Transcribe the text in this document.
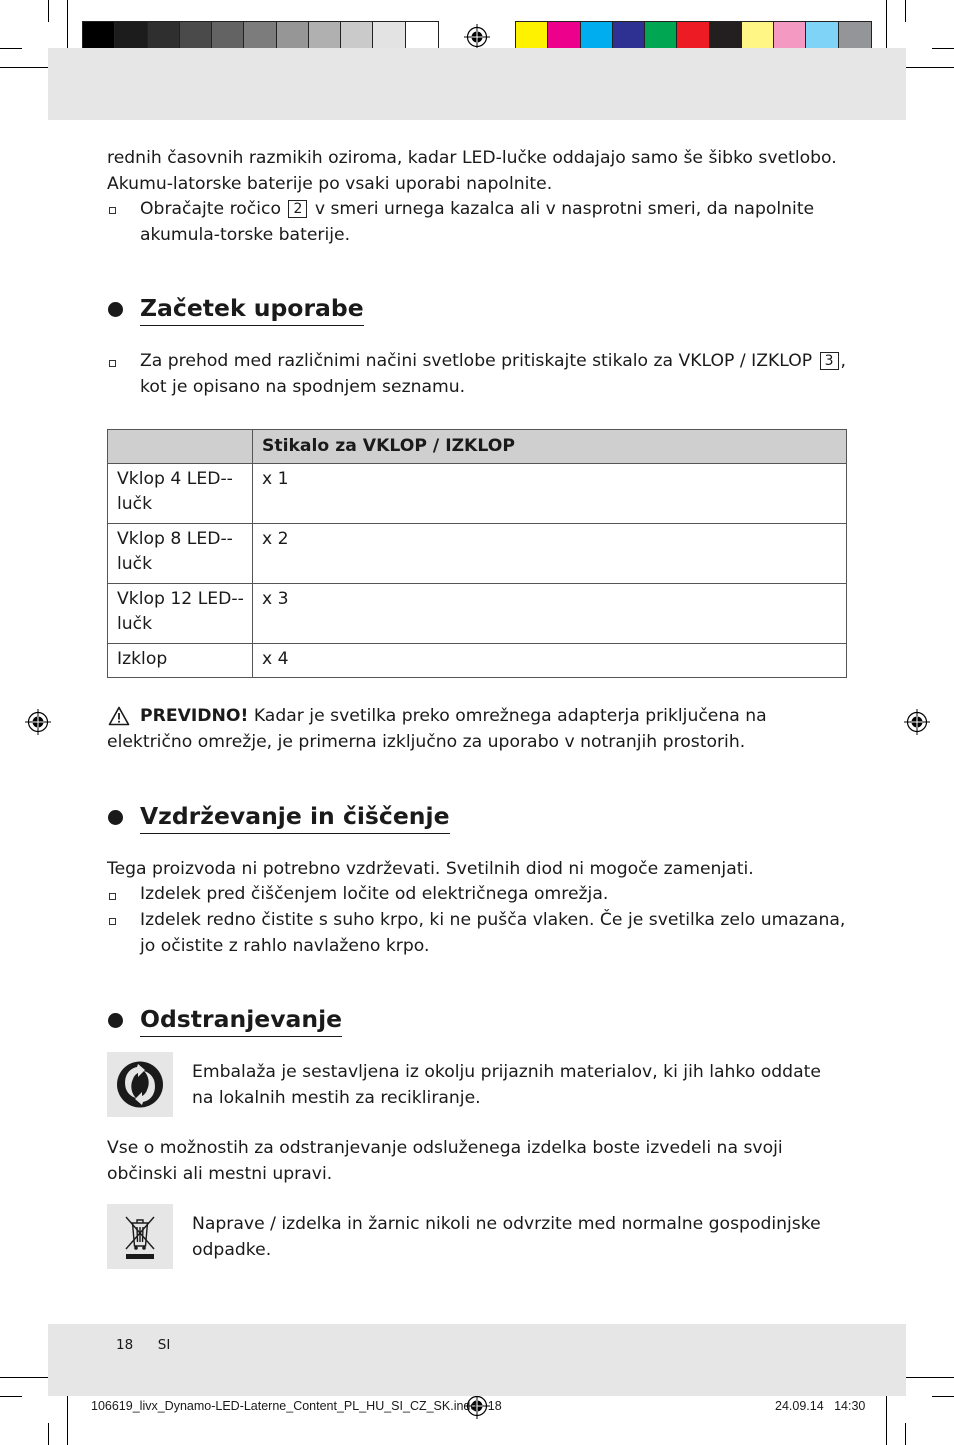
rednih časovnih razmikih oziroma, kadar LED-lučke oddajajo samo še šibko svetlobo. Akumu-latorske baterije po vsaki uporabi napolnite.

Obračajte ročico 2 v smeri urnega kazalca ali v nasprotni smeri, da napolnite akumula-torske baterije.

Začetek uporabe

Za prehod med različnimi načini svetlobe pritiskajte stikalo za VKLOP / IZKLOP 3 , kot je opisano na spodnjem seznamu.

	Stikalo za VKLOP / IZKLOP
Vklop 4 LED--lučk	x 1
Vklop 8 LED--lučk	x 2
Vklop 12 LED--lučk	x 3
Izklop	x 4

PREVIDNO! Kadar je svetilka preko omrežnega adapterja priključena na električno omrežje, je primerna izključno za uporabo v notranjih prostorih.

Vzdrževanje in čiščenje

Tega proizvoda ni potrebno vzdrževati. Svetilnih diod ni mogoče zamenjati.

Izdelek pred čiščenjem ločite od električnega omrežja.

Izdelek redno čistite s suho krpo, ki ne pušča vlaken. Če je svetilka zelo umazana, jo očistite z rahlo navlaženo krpo.

Odstranjevanje

Embalaža je sestavljena iz okolju prijaznih materialov, ki jih lahko oddate na lokalnih mestih za recikliranje.

Vse o možnostih za odstranjevanje odsluženega izdelka boste izvedeli na svoji občinski ali mestni upravi.

Naprave / izdelka in žarnic nikoli ne odvrzite med normalne gospodinjske odpadke.

18 SI
106619_livx_Dynamo-LED-Laterne_Content_PL_HU_SI_CZ_SK.indd   18	24.09.14   14:30
